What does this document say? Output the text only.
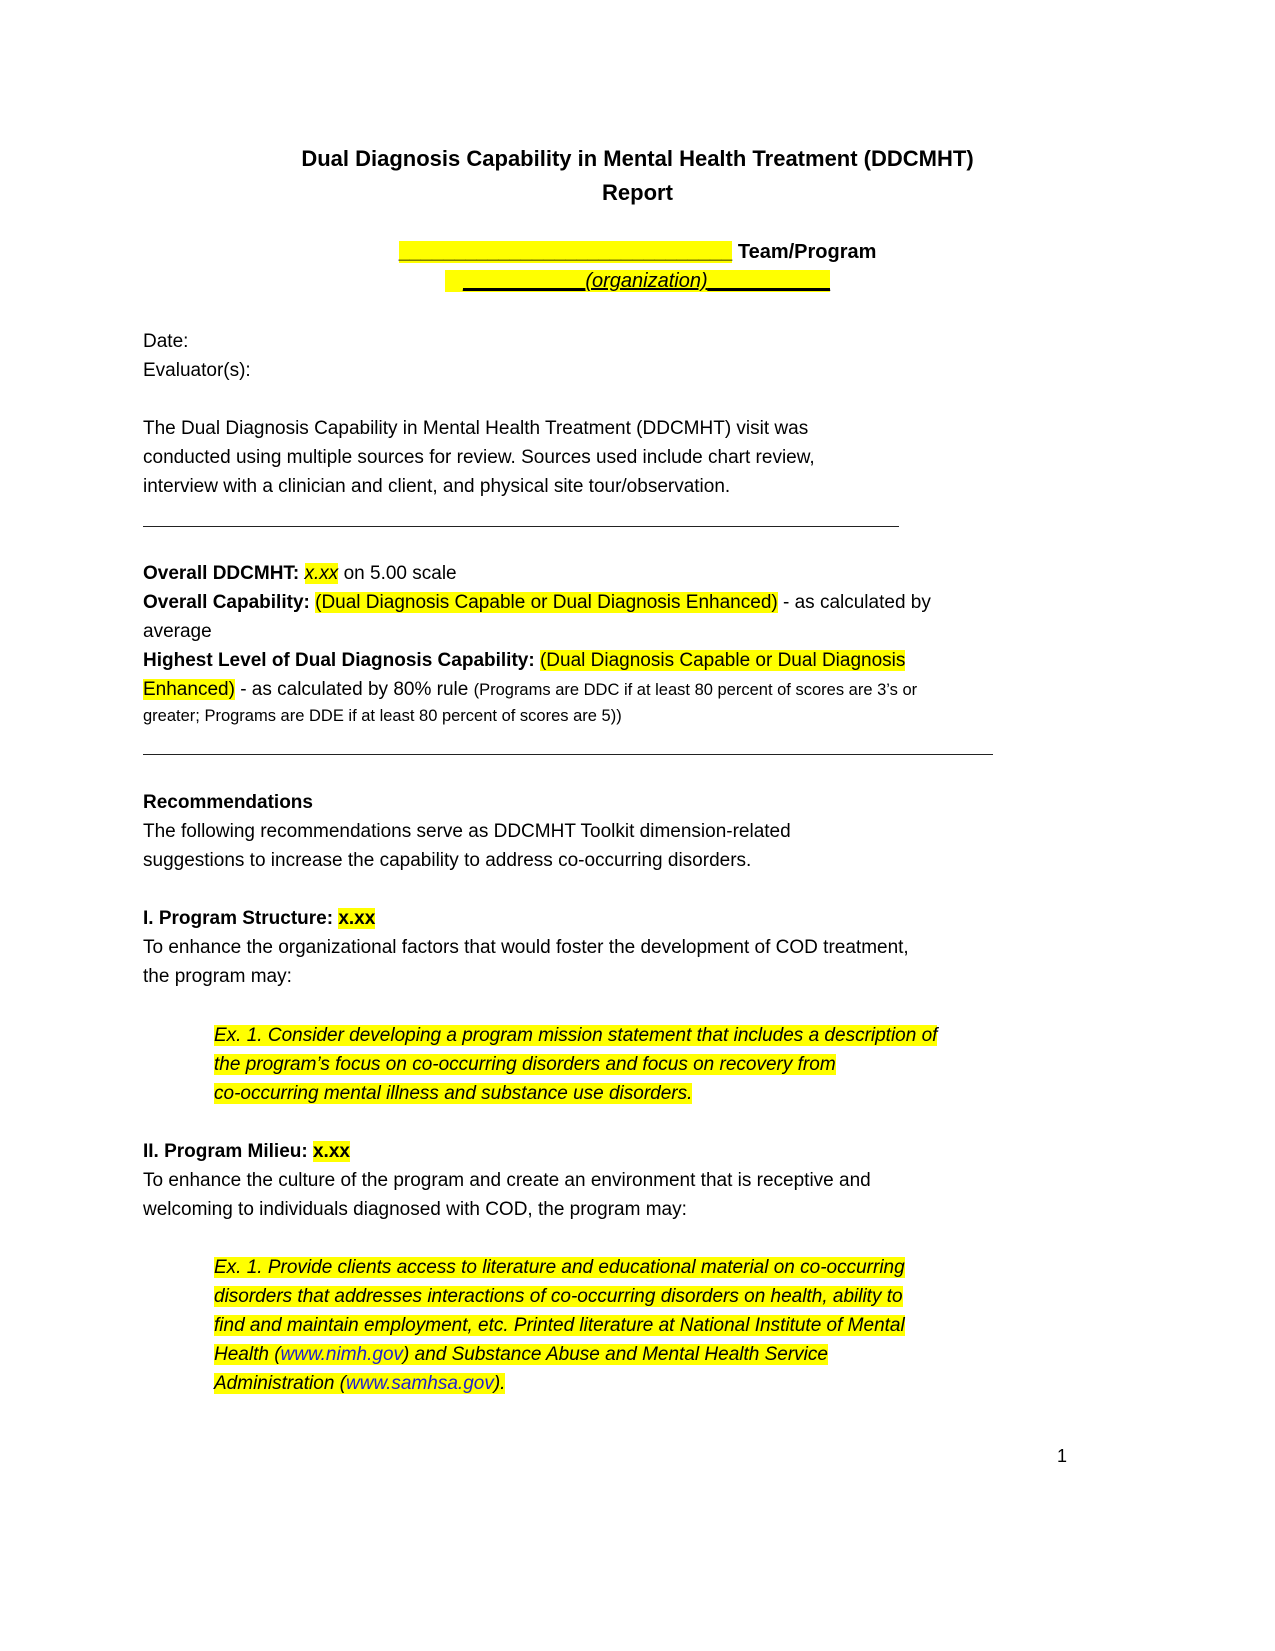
Dual Diagnosis Capability in Mental Health Treatment (DDCMHT)
Report
______________________________ Team/Program
___________(organization)___________
Date:
Evaluator(s):
The Dual Diagnosis Capability in Mental Health Treatment (DDCMHT) visit was
conducted using multiple sources for review. Sources used include chart review,
interview with a clinician and client, and physical site tour/observation.
Overall DDCMHT: x.xx on 5.00 scale
Overall Capability: (Dual Diagnosis Capable or Dual Diagnosis Enhanced) - as calculated by
average
Highest Level of Dual Diagnosis Capability: (Dual Diagnosis Capable or Dual Diagnosis
Enhanced) - as calculated by 80% rule (Programs are DDC if at least 80 percent of scores are 3’s or
greater; Programs are DDE if at least 80 percent of scores are 5))
Recommendations
The following recommendations serve as DDCMHT Toolkit dimension-related
suggestions to increase the capability to address co-occurring disorders.
I. Program Structure: x.xx
To enhance the organizational factors that would foster the development of COD treatment,
the program may:
Ex. 1. Consider developing a program mission statement that includes a description of
the program’s focus on co-occurring disorders and focus on recovery from
co-occurring mental illness and substance use disorders.
II. Program Milieu: x.xx
To enhance the culture of the program and create an environment that is receptive and
welcoming to individuals diagnosed with COD, the program may:
Ex. 1. Provide clients access to literature and educational material on co-occurring
disorders that addresses interactions of co-occurring disorders on health, ability to
find and maintain employment, etc. Printed literature at National Institute of Mental
Health (www.nimh.gov) and Substance Abuse and Mental Health Service
Administration (www.samhsa.gov).
1
